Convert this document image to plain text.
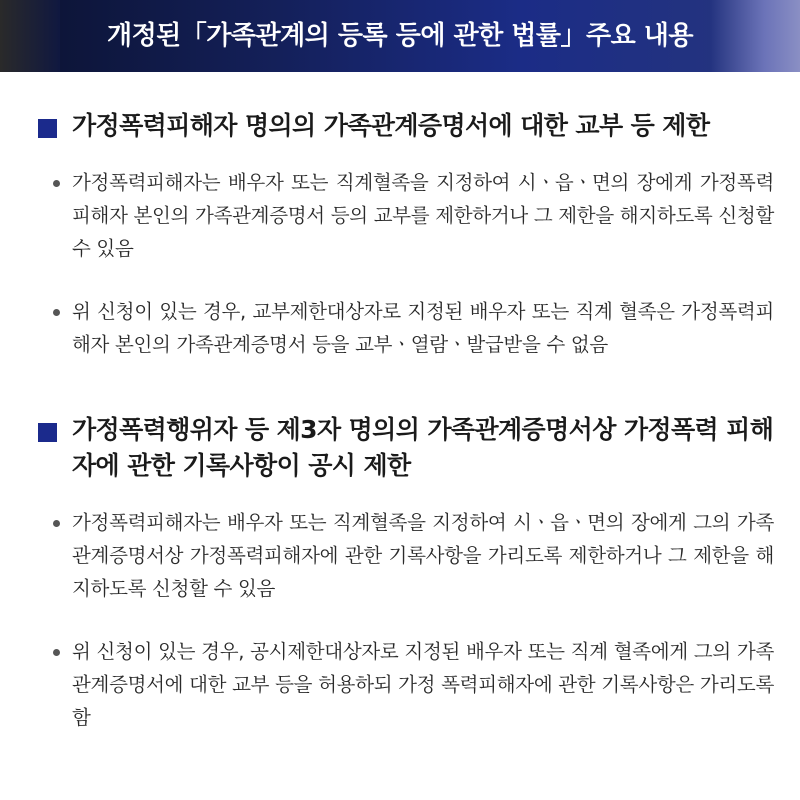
개정된「가족관계의 등록 등에 관한 법률」주요 내용
가정폭력피해자 명의의 가족관계증명서에 대한 교부 등 제한
가정폭력피해자는 배우자 또는 직계혈족을 지정하여 시ㆍ읍ㆍ면의 장에게 가정폭력피해자 본인의 가족관계증명서 등의 교부를 제한하거나 그 제한을 해지하도록 신청할 수 있음
위 신청이 있는 경우, 교부제한대상자로 지정된 배우자 또는 직계 혈족은 가정폭력피해자 본인의 가족관계증명서 등을 교부ㆍ열람ㆍ발급받을 수 없음
가정폭력행위자 등 제3자 명의의 가족관계증명서상 가정폭력 피해자에 관한 기록사항이 공시 제한
가정폭력피해자는 배우자 또는 직계혈족을 지정하여 시ㆍ읍ㆍ면의 장에게 그의 가족관계증명서상 가정폭력피해자에 관한 기록사항을 가리도록 제한하거나 그 제한을 해지하도록 신청할 수 있음
위 신청이 있는 경우, 공시제한대상자로 지정된 배우자 또는 직계 혈족에게 그의 가족관계증명서에 대한 교부 등을 허용하되 가정 폭력피해자에 관한 기록사항은 가리도록 함
